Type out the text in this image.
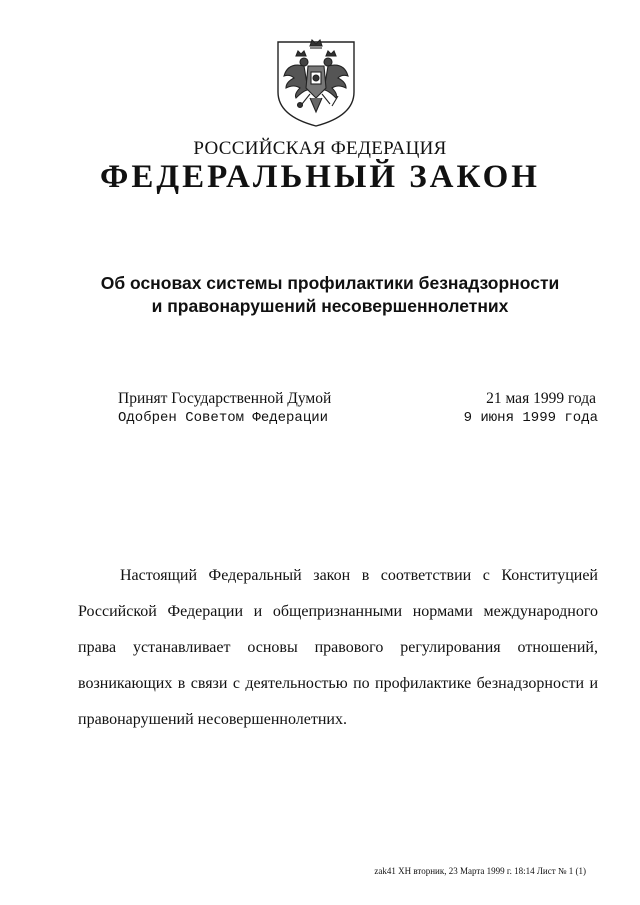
РОССИЙСКАЯ ФЕДЕРАЦИЯ
ФЕДЕРАЛЬНЫЙ ЗАКОН
Об основах системы профилактики безнадзорности
и правонарушений несовершеннолетних
Принят Государственной Думой	21 мая 1999 года
Одобрен Советом Федерации	9 июня 1999 года

Настоящий Федеральный закон в соответствии с Конституцией Российской Федерации и общепризнанными нормами международного права устанавливает основы правового регулирования отношений, возникающих в связи с деятельностью по профилактике безнадзорности и правонарушений несовершеннолетних.

zak41 XH вторник, 23 Марта 1999 г. 18:14 Лист № 1 (1)
